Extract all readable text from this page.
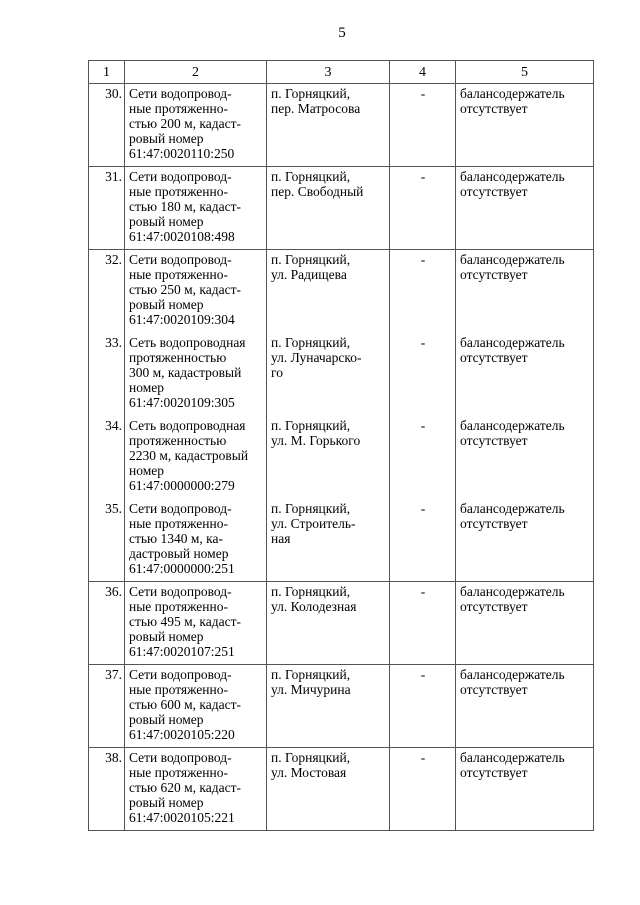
5
1	2	3	4	5
30.	Сети водопровод-
ные протяженно-
стью 200 м, кадаст-
ровый номер
61:47:0020110:250	п. Горняцкий,
пер. Матросова	-	балансодержатель
отсутствует

31.	Сети водопровод-
ные протяженно-
стью 180 м, кадаст-
ровый номер
61:47:0020108:498	п. Горняцкий,
пер. Свободный	-	балансодержатель
отсутствует

32.	Сети водопровод-
ные протяженно-
стью 250 м, кадаст-
ровый номер
61:47:0020109:304	п. Горняцкий,
ул. Радищева	-	балансодержатель
отсутствует

33.	Сеть водопроводная
протяженностью
300 м, кадастровый
номер
61:47:0020109:305	п. Горняцкий,
ул. Луначарско-
го	-	балансодержатель
отсутствует

34.	Сеть водопроводная
протяженностью
2230 м, кадастровый
номер
61:47:0000000:279	п. Горняцкий,
ул. М. Горького	-	балансодержатель
отсутствует

35.	Сети водопровод-
ные протяженно-
стью 1340 м, ка-
дастровый номер
61:47:0000000:251	п. Горняцкий,
ул. Строитель-
ная	-	балансодержатель
отсутствует

36.	Сети водопровод-
ные протяженно-
стью 495 м, кадаст-
ровый номер
61:47:0020107:251	п. Горняцкий,
ул. Колодезная	-	балансодержатель
отсутствует

37.	Сети водопровод-
ные протяженно-
стью 600 м, кадаст-
ровый номер
61:47:0020105:220	п. Горняцкий,
ул. Мичурина	-	балансодержатель
отсутствует

38.	Сети водопровод-
ные протяженно-
стью 620 м, кадаст-
ровый номер
61:47:0020105:221	п. Горняцкий,
ул. Мостовая	-	балансодержатель
отсутствует
